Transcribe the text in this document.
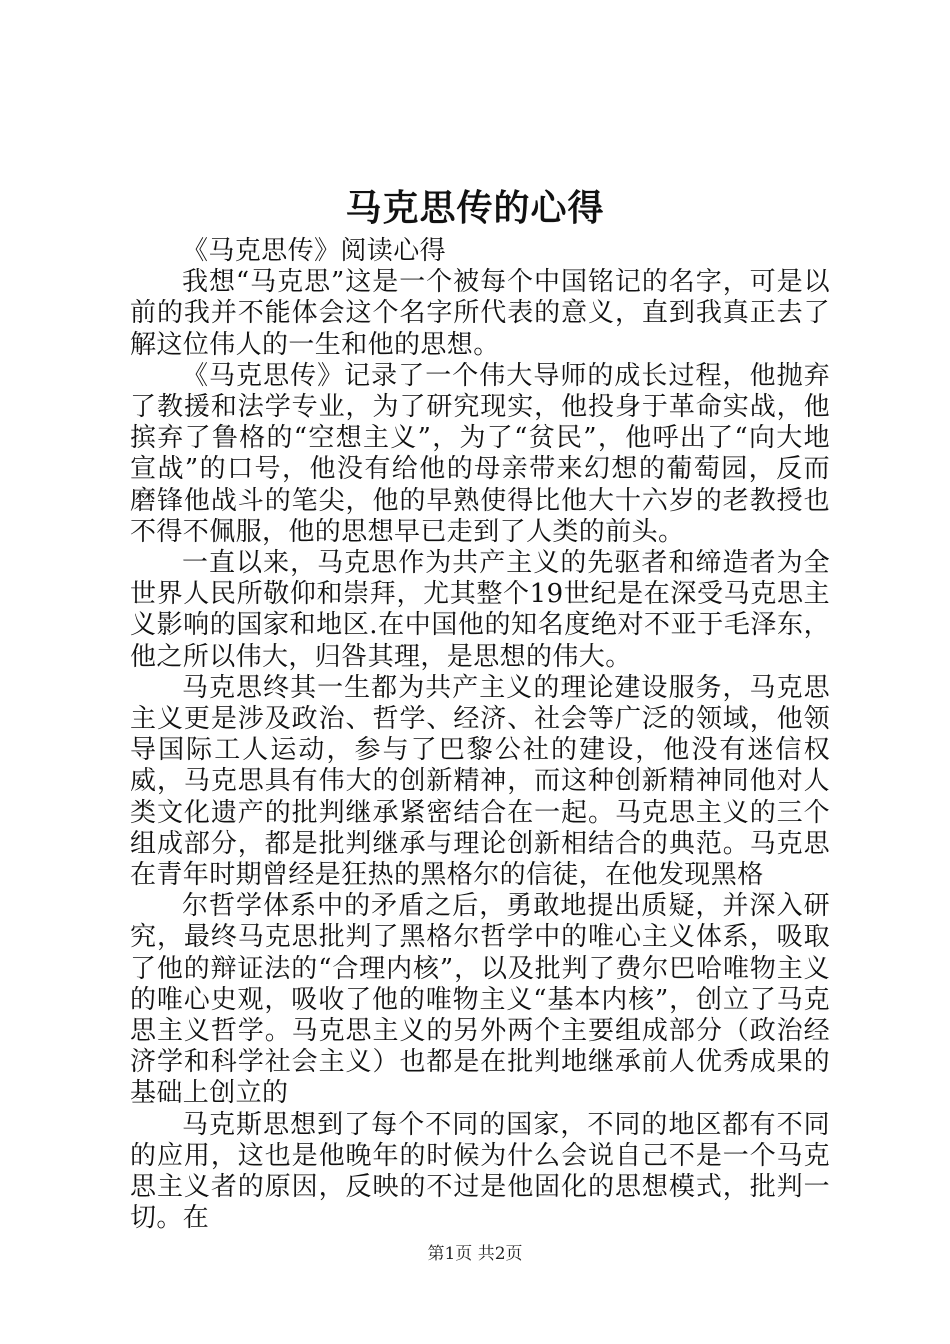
马克思传的心得

《马克思传》阅读心得

我想“马克思”这是一个被每个中国铭记的名字，可是以前的我并不能体会这个名字所代表的意义，直到我真正去了解这位伟人的一生和他的思想。

《马克思传》记录了一个伟大导师的成长过程，他抛弃了教援和法学专业，为了研究现实，他投身于革命实战，他摈弃了鲁格的“空想主义”，为了“贫民”，他呼出了“向大地宣战”的口号，他没有给他的母亲带来幻想的葡萄园，反而磨锋他战斗的笔尖，他的早熟使得比他大十六岁的老教授也不得不佩服，他的思想早已走到了人类的前头。

一直以来，马克思作为共产主义的先驱者和缔造者为全世界人民所敬仰和崇拜，尤其整个19世纪是在深受马克思主义影响的国家和地区.在中国他的知名度绝对不亚于毛泽东，他之所以伟大，归咎其理，是思想的伟大。

马克思终其一生都为共产主义的理论建设服务，马克思主义更是涉及政治、哲学、经济、社会等广泛的领域，他领导国际工人运动，参与了巴黎公社的建设，他没有迷信权威，马克思具有伟大的创新精神，而这种创新精神同他对人类文化遗产的批判继承紧密结合在一起。马克思主义的三个组成部分，都是批判继承与理论创新相结合的典范。马克思在青年时期曾经是狂热的黑格尔的信徒，在他发现黑格

尔哲学体系中的矛盾之后，勇敢地提出质疑，并深入研究，最终马克思批判了黑格尔哲学中的唯心主义体系，吸取了他的辩证法的“合理内核”，以及批判了费尔巴哈唯物主义的唯心史观，吸收了他的唯物主义“基本内核”，创立了马克思主义哲学。马克思主义的另外两个主要组成部分（政治经济学和科学社会主义）也都是在批判地继承前人优秀成果的基础上创立的

马克斯思想到了每个不同的国家，不同的地区都有不同的应用，这也是他晚年的时候为什么会说自己不是一个马克思主义者的原因，反映的不过是他固化的思想模式，批判一切。在

第1页 共2页
